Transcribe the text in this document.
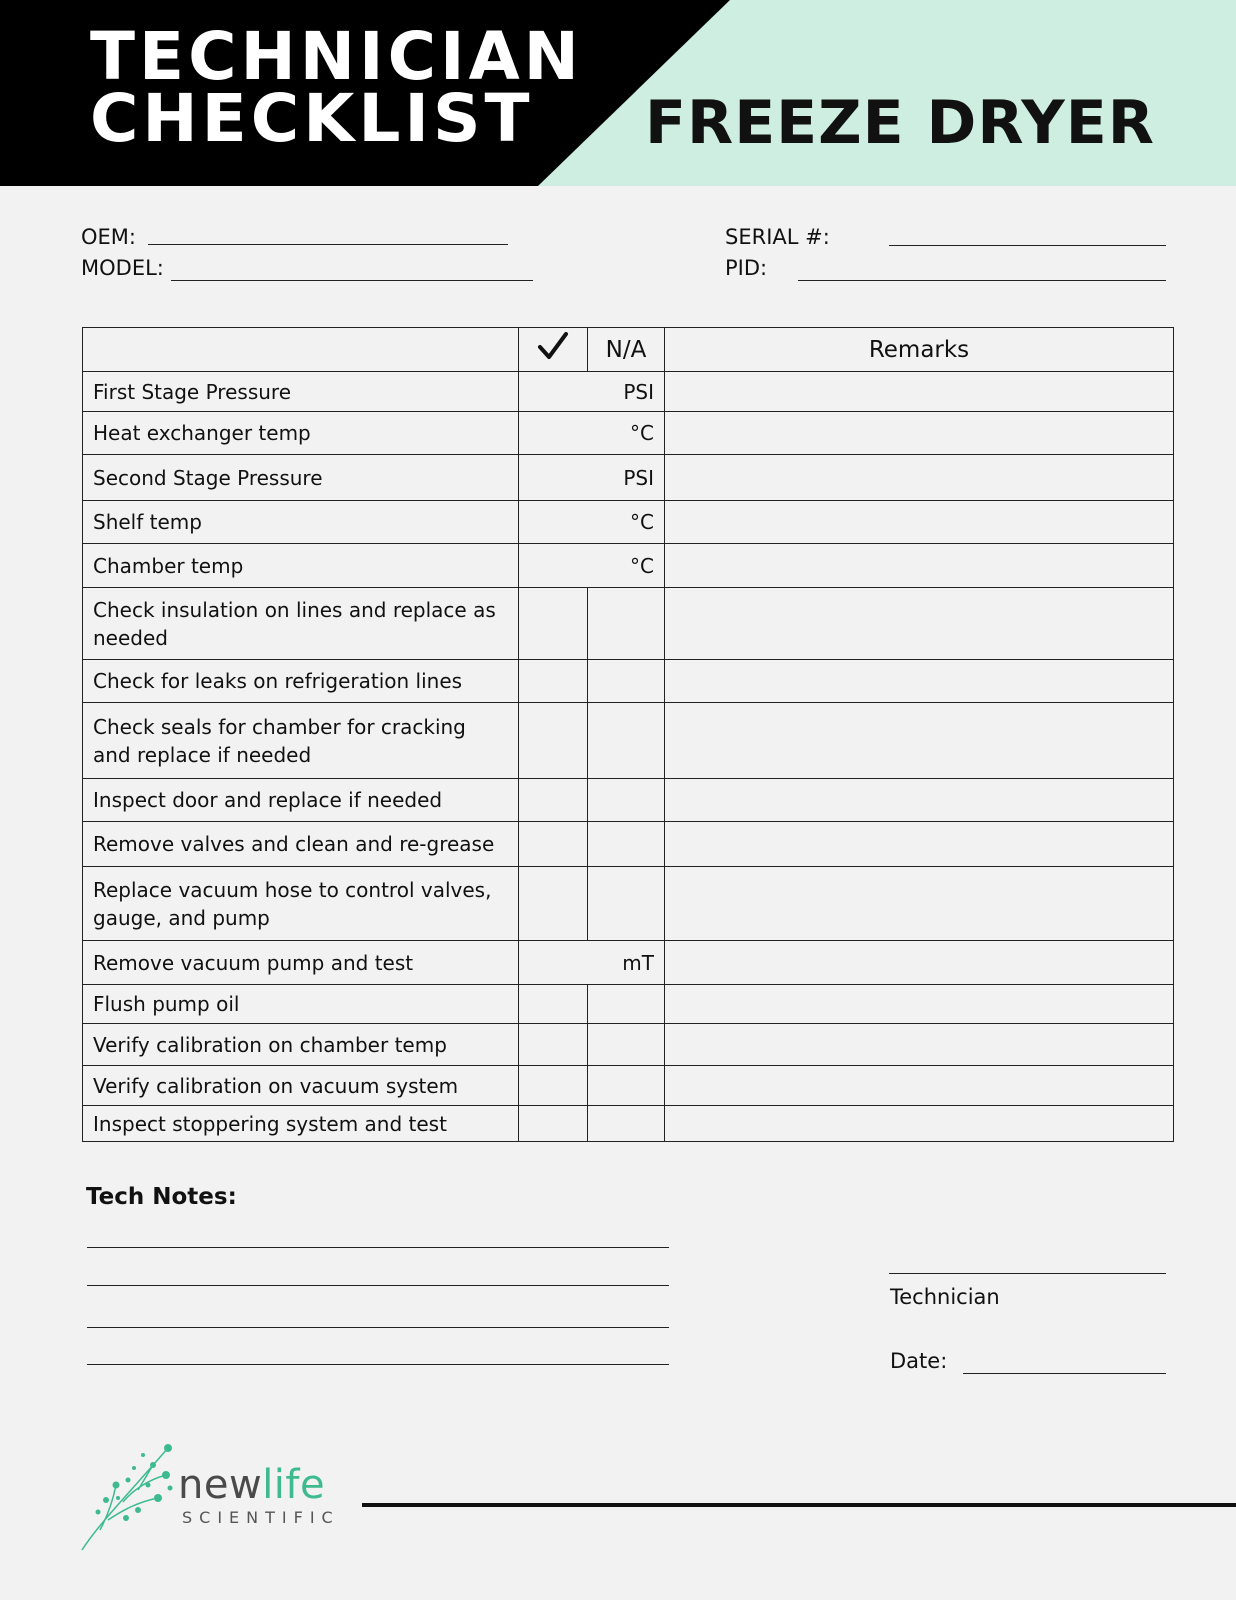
TECHNICIAN
CHECKLIST	FREEZE DRYER
OEM:
MODEL:
SERIAL #:
PID:
		N/A	Remarks
First Stage Pressure	PSI		
Heat exchanger temp	°C		
Second Stage Pressure	PSI		
Shelf temp	°C		
Chamber temp	°C		
Check insulation on lines and replace as needed			
Check for leaks on refrigeration lines			
Check seals for chamber for cracking and replace if needed			
Inspect door and replace if needed			
Remove valves and clean and re-grease			
Replace vacuum hose to control valves, gauge, and pump			
Remove vacuum pump and test	mT		
Flush pump oil			
Verify calibration on chamber temp			
Verify calibration on vacuum system			
Inspect stoppering system and test			
Tech Notes:
Technician
Date:
newlife
SCIENTIFIC
